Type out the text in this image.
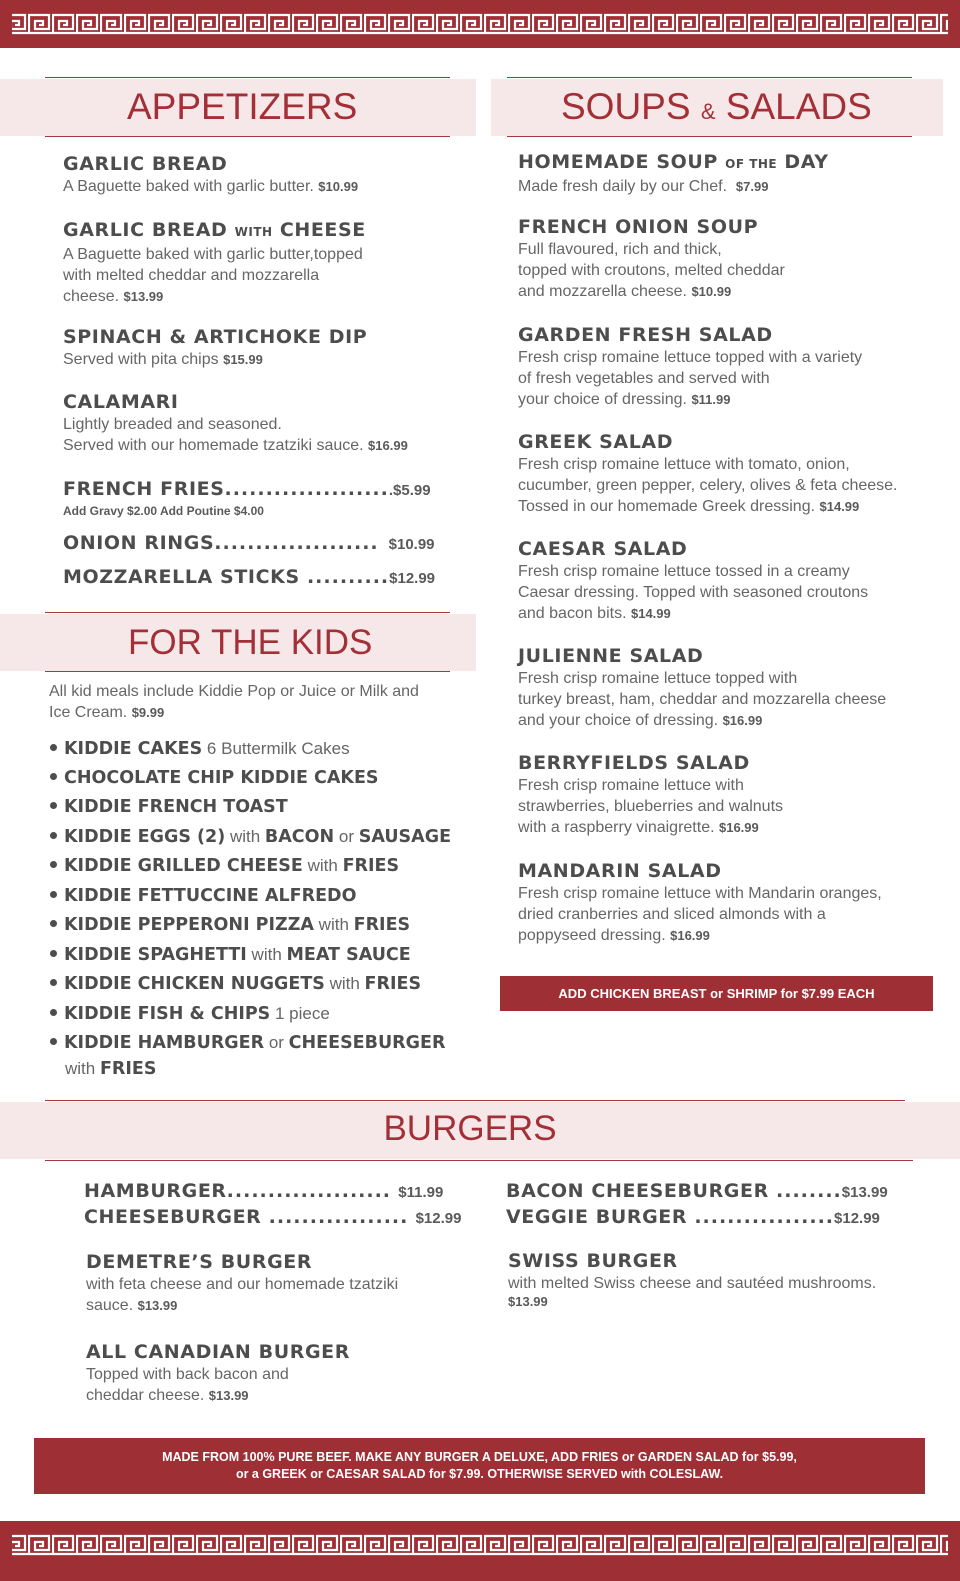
APPETIZERS	SOUPS & SALADS
GARLIC BREAD
A Baguette baked with garlic butter. $10.99
GARLIC BREAD WITH CHEESE
A Baguette baked with garlic butter,topped
with melted cheddar and mozzarella
cheese. $13.99
SPINACH & ARTICHOKE DIP
Served with pita chips $15.99
CALAMARI
Lightly breaded and seasoned.
Served with our homemade tzatziki sauce. $16.99
FRENCH FRIES.....................$5.99
Add Gravy $2.00 Add Poutine $4.00
ONION RINGS.................... $10.99
MOZZARELLA STICKS ..........$12.99
FOR THE KIDS
All kid meals include Kiddie Pop or Juice or Milk and
Ice Cream. $9.99
KIDDIE CAKES 6 Buttermilk Cakes
CHOCOLATE CHIP KIDDIE CAKES
KIDDIE FRENCH TOAST
KIDDIE EGGS (2) with BACON or SAUSAGE
KIDDIE GRILLED CHEESE with FRIES
KIDDIE FETTUCCINE ALFREDO
KIDDIE PEPPERONI PIZZA with FRIES
KIDDIE SPAGHETTI with MEAT SAUCE
KIDDIE CHICKEN NUGGETS with FRIES
KIDDIE FISH & CHIPS 1 piece
KIDDIE HAMBURGER or CHEESEBURGER
with FRIES
HOMEMADE SOUP OF THE DAY
Made fresh daily by our Chef. $7.99
FRENCH ONION SOUP
Full flavoured, rich and thick,
topped with croutons, melted cheddar
and mozzarella cheese. $10.99
GARDEN FRESH SALAD
Fresh crisp romaine lettuce topped with a variety
of fresh vegetables and served with
your choice of dressing. $11.99
GREEK SALAD
Fresh crisp romaine lettuce with tomato, onion,
cucumber, green pepper, celery, olives & feta cheese.
Tossed in our homemade Greek dressing. $14.99
CAESAR SALAD
Fresh crisp romaine lettuce tossed in a creamy
Caesar dressing. Topped with seasoned croutons
and bacon bits. $14.99
JULIENNE SALAD
Fresh crisp romaine lettuce topped with
turkey breast, ham, cheddar and mozzarella cheese
and your choice of dressing. $16.99
BERRYFIELDS SALAD
Fresh crisp romaine lettuce with
strawberries, blueberries and walnuts
with a raspberry vinaigrette. $16.99
MANDARIN SALAD
Fresh crisp romaine lettuce with Mandarin oranges,
dried cranberries and sliced almonds with a
poppyseed dressing. $16.99
ADD CHICKEN BREAST or SHRIMP for $7.99 EACH
BURGERS
HAMBURGER.................... $11.99
CHEESEBURGER ................. $12.99
BACON CHEESEBURGER ........$13.99
VEGGIE BURGER .................$12.99
DEMETRE’S BURGER
with feta cheese and our homemade tzatziki
sauce. $13.99
SWISS BURGER
with melted Swiss cheese and sautéed mushrooms.
$13.99
ALL CANADIAN BURGER
Topped with back bacon and
cheddar cheese. $13.99
MADE FROM 100% PURE BEEF. MAKE ANY BURGER A DELUXE, ADD FRIES or GARDEN SALAD for $5.99,
or a GREEK or CAESAR SALAD for $7.99. OTHERWISE SERVED with COLESLAW.
